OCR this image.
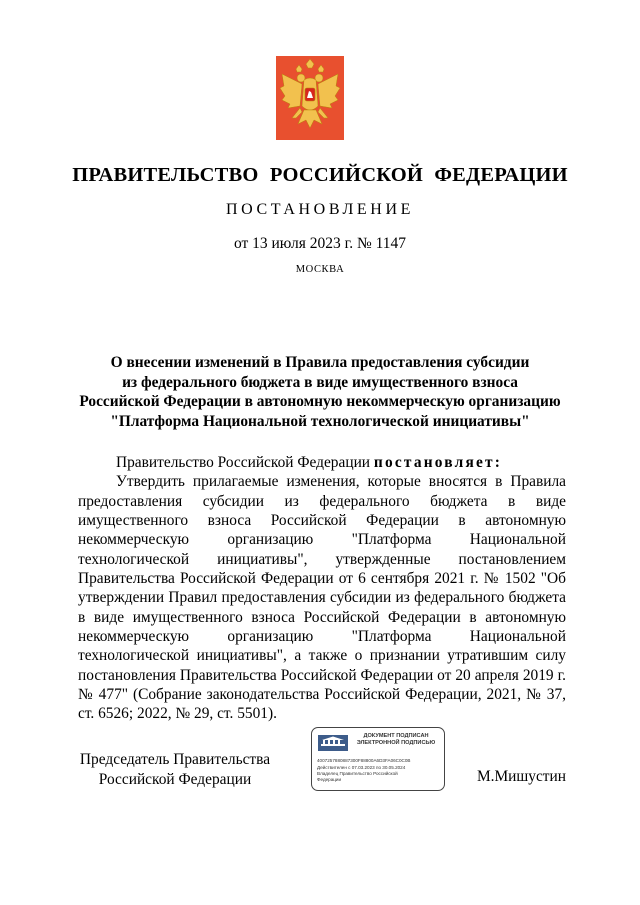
ПРАВИТЕЛЬСТВО РОССИЙСКОЙ ФЕДЕРАЦИИ
ПОСТАНОВЛЕНИЕ
от 13 июля 2023 г. № 1147
МОСКВА
О внесении изменений в Правила предоставления субсидии
из федерального бюджета в виде имущественного взноса
Российской Федерации в автономную некоммерческую организацию
"Платформа Национальной технологической инициативы"

Правительство Российской Федерации постановляет:

Утвердить прилагаемые изменения, которые вносятся в Правила предоставления субсидии из федерального бюджета в виде имущественного взноса Российской Федерации в автономную некоммерческую организацию "Платформа Национальной технологической инициативы", утвержденные постановлением Правительства Российской Федерации от 6 сентября 2021 г. № 1502 "Об утверждении Правил предоставления субсидии из федерального бюджета в виде имущественного взноса Российской Федерации в автономную некоммерческую организацию "Платформа Национальной технологической инициативы", а также о признании утратившим силу постановления Правительства Российской Федерации от 20 апреля 2019 г. № 477" (Собрание законодательства Российской Федерации, 2021, № 37, ст. 6526; 2022, № 29, ст. 5501).

Председатель Правительства
Российской Федерации
ДОКУМЕНТ ПОДПИСАН
ЭЛЕКТРОННОЙ ПОДПИСЬЮ
4007257880887300F88800A6D3FA06C0C0B
Действителен с 07.03.2023 по 30.05.2024
Владелец Правительство Российской
Федерации	М.Мишустин
